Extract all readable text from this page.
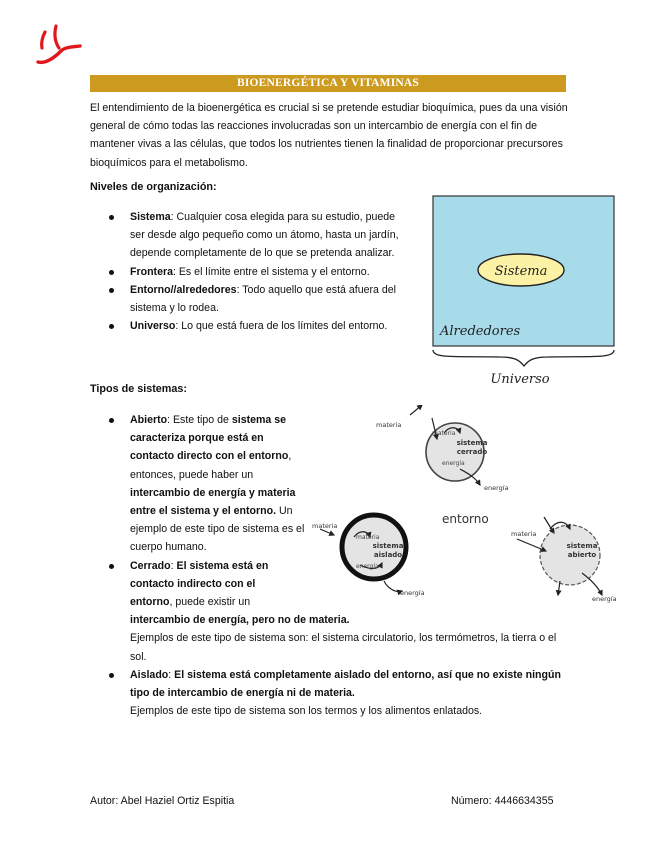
BIOENERGÉTICA Y VITAMINAS

El entendimiento de la bioenergética es crucial si se pretende estudiar bioquímica, pues da una visión general de cómo todas las reacciones involucradas son un intercambio de energía con el fin de mantener vivas a las células, que todos los nutrientes tienen la finalidad de proporcionar precursores bioquímicos para el metabolismo.

Niveles de organización:
Sistema: Cualquier cosa elegida para su estudio, puede ser desde algo pequeño como un átomo, hasta un jardín, depende completamente de lo que se pretenda analizar.
Frontera: Es el límite entre el sistema y el entorno.
Entorno//alrededores: Todo aquello que está afuera del sistema y lo rodea.
Universo: Lo que está fuera de los límites del entorno.
Sistema
Alrededores
Universo
Tipos de sistemas:
Abierto: Este tipo de sistema se caracteriza porque está en contacto directo con el entorno, entonces, puede haber un intercambio de energía y materia entre el sistema y el entorno. Un ejemplo de este tipo de sistema es el cuerpo humano.
Cerrado: El sistema está en contacto indirecto con el entorno, puede existir un
intercambio de energía, pero no de materia.
Ejemplos de este tipo de sistema son: el sistema circulatorio, los termómetros, la tierra o el sol.
Aislado: El sistema está completamente aislado del entorno, así que no existe ningún tipo de intercambio de energía ni de materia.
Ejemplos de este tipo de sistema son los termos y los alimentos enlatados.
materia
materia
sistema
cerrado
energía
energía
entorno
materia
materia
sistema
aislado
energía
energía
materia
sistema
abierto
energía
Autor: Abel Haziel Ortiz Espitia	Número: 4446634355
